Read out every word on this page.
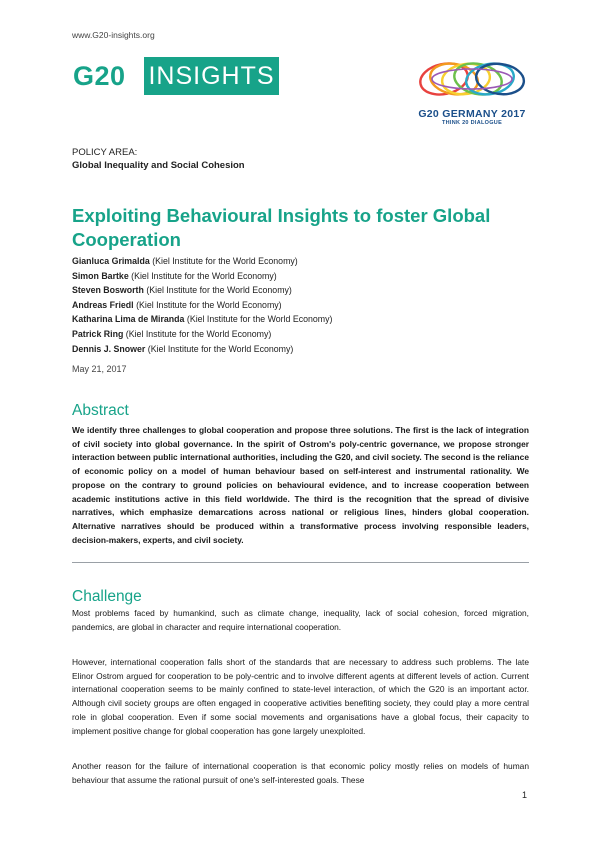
www.G20-insights.org
G20 INSIGHTS
G20 GERMANY 2017
THINK 20 DIALOGUE
POLICY AREA:
Global Inequality and Social Cohesion
Exploiting Behavioural Insights to foster Global Cooperation
Gianluca Grimalda (Kiel Institute for the World Economy)
Simon Bartke (Kiel Institute for the World Economy)
Steven Bosworth (Kiel Institute for the World Economy)
Andreas Friedl (Kiel Institute for the World Economy)
Katharina Lima de Miranda (Kiel Institute for the World Economy)
Patrick Ring (Kiel Institute for the World Economy)
Dennis J. Snower (Kiel Institute for the World Economy)
May 21, 2017
Abstract
We identify three challenges to global cooperation and propose three solutions. The first is the lack of integration of civil society into global governance. In the spirit of Ostrom's poly-centric governance, we propose stronger interaction between public international authorities, including the G20, and civil society. The second is the reliance of economic policy on a model of human behaviour based on self-interest and instrumental rationality. We propose on the contrary to ground policies on behavioural evidence, and to increase cooperation between academic institutions active in this field worldwide. The third is the recognition that the spread of divisive narratives, which emphasize demarcations across national or religious lines, hinders global cooperation. Alternative narratives should be produced within a transformative process involving responsible leaders, decision-makers, experts, and civil society.
Challenge
Most problems faced by humankind, such as climate change, inequality, lack of social cohesion, forced migration, pandemics, are global in character and require international cooperation.
However, international cooperation falls short of the standards that are necessary to address such problems. The late Elinor Ostrom argued for cooperation to be poly-centric and to involve different agents at different levels of action. Current international cooperation seems to be mainly confined to state-level interaction, of which the G20 is an important actor. Although civil society groups are often engaged in cooperative activities benefiting society, they could play a more central role in global cooperation. Even if some social movements and organisations have a global focus, their capacity to implement positive change for global cooperation has gone largely unexploited.
Another reason for the failure of international cooperation is that economic policy mostly relies on models of human behaviour that assume the rational pursuit of one's self-interested goals. These
1
